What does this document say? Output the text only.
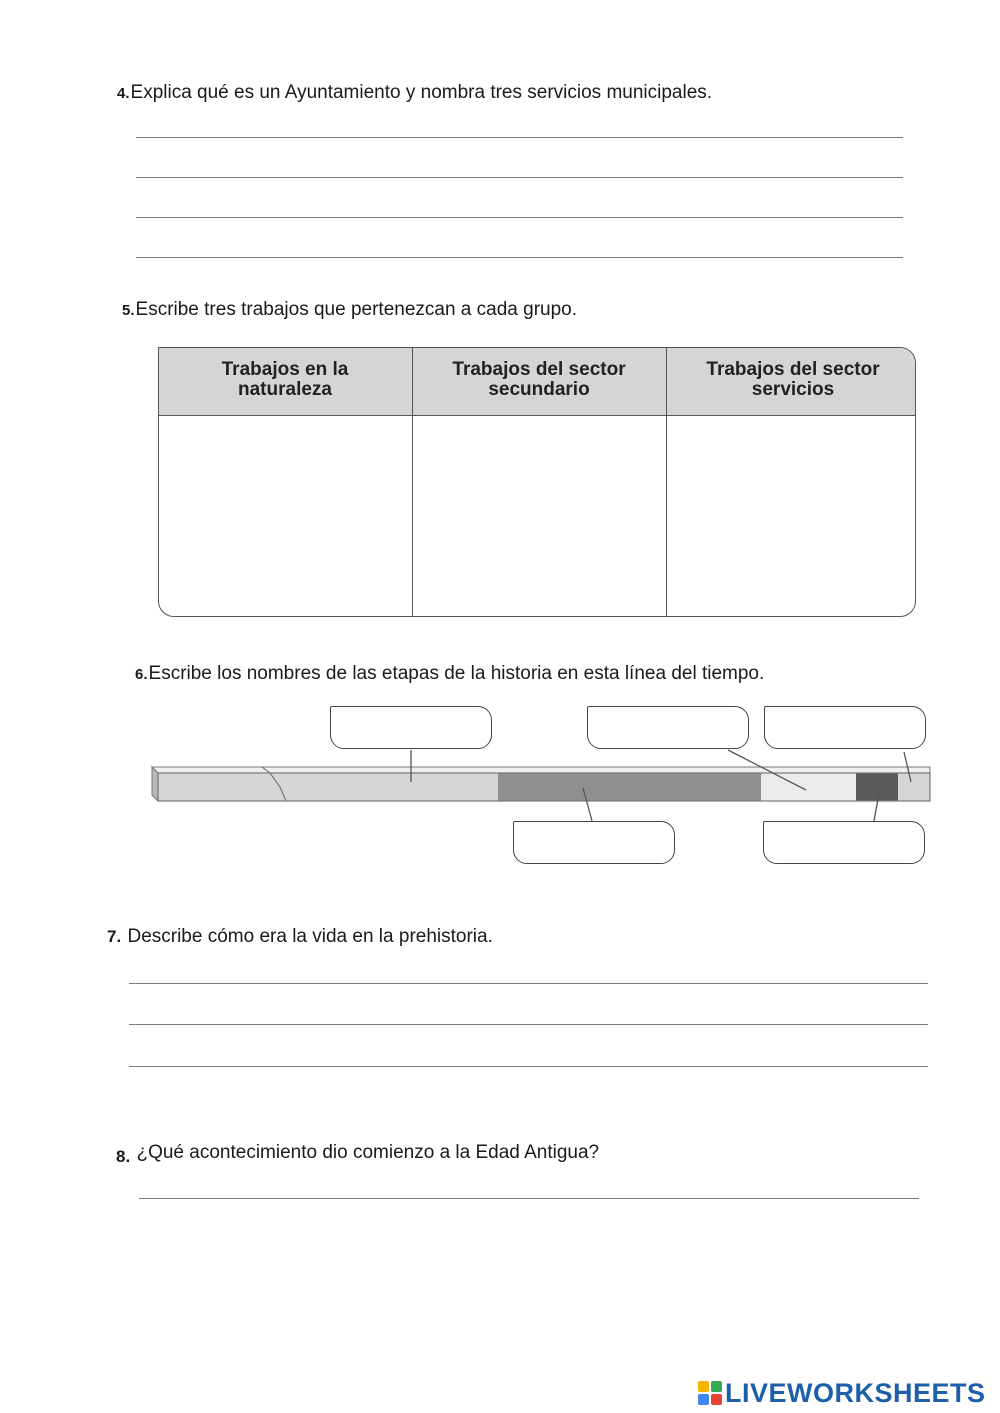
4.Explica qué es un Ayuntamiento y nombra tres servicios municipales.
5.Escribe tres trabajos que pertenezcan a cada grupo.
Trabajos en la
naturaleza
Trabajos del sector
secundario
Trabajos del sector
servicios
6.Escribe los nombres de las etapas de la historia en esta línea del tiempo.
7. Describe cómo era la vida en la prehistoria.
8. ¿Qué acontecimiento dio comienzo a la Edad Antigua?
LIVEWORKSHEETS
